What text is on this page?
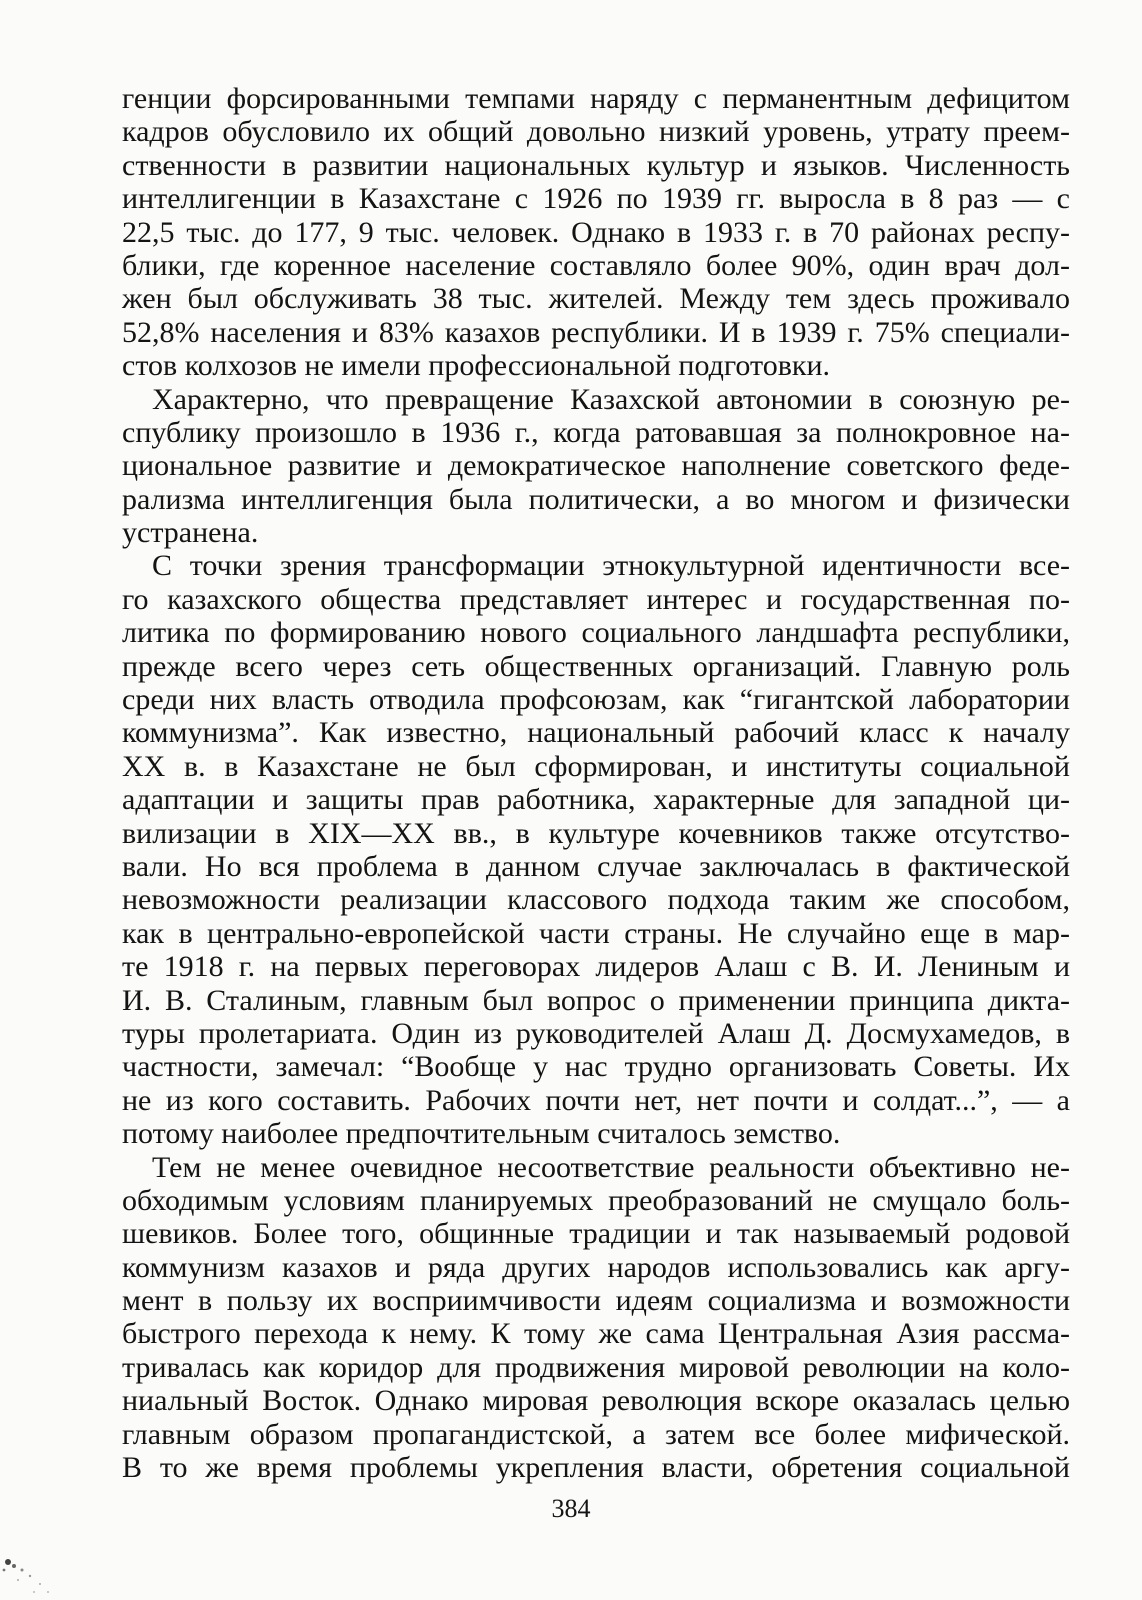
генции форсированными темпами наряду с перманентным дефицитом
кадров обусловило их общий довольно низкий уровень, утрату преем-
ственности в развитии национальных культур и языков. Численность
интеллигенции в Казахстане с 1926 по 1939 гг. выросла в 8 раз — с
22,5 тыс. до 177, 9 тыс. человек. Однако в 1933 г. в 70 районах респу-
блики, где коренное население составляло более 90%, один врач дол-
жен был обслуживать 38 тыс. жителей. Между тем здесь проживало
52,8% населения и 83% казахов республики. И в 1939 г. 75% специали-
стов колхозов не имели профессиональной подготовки.
Характерно, что превращение Казахской автономии в союзную ре-
спублику произошло в 1936 г., когда ратовавшая за полнокровное на-
циональное развитие и демократическое наполнение советского феде-
рализма интеллигенция была политически, а во многом и физически
устранена.
С точки зрения трансформации этнокультурной идентичности все-
го казахского общества представляет интерес и государственная по-
литика по формированию нового социального ландшафта республики,
прежде всего через сеть общественных организаций. Главную роль
среди них власть отводила профсоюзам, как “гигантской лаборатории
коммунизма”. Как известно, национальный рабочий класс к началу
XX в. в Казахстане не был сформирован, и институты социальной
адаптации и защиты прав работника, характерные для западной ци-
вилизации в XIX—XX вв., в культуре кочевников также отсутство-
вали. Но вся проблема в данном случае заключалась в фактической
невозможности реализации классового подхода таким же способом,
как в центрально-европейской части страны. Не случайно еще в мар-
те 1918 г. на первых переговорах лидеров Алаш с В. И. Лениным и
И. В. Сталиным, главным был вопрос о применении принципа дикта-
туры пролетариата. Один из руководителей Алаш Д. Досмухамедов, в
частности, замечал: “Вообще у нас трудно организовать Советы. Их
не из кого составить. Рабочих почти нет, нет почти и солдат...”, — а
потому наиболее предпочтительным считалось земство.
Тем не менее очевидное несоответствие реальности объективно не-
обходимым условиям планируемых преобразований не смущало боль-
шевиков. Более того, общинные традиции и так называемый родовой
коммунизм казахов и ряда других народов использовались как аргу-
мент в пользу их восприимчивости идеям социализма и возможности
быстрого перехода к нему. К тому же сама Центральная Азия рассма-
тривалась как коридор для продвижения мировой революции на коло-
ниальный Восток. Однако мировая революция вскоре оказалась целью
главным образом пропагандистской, а затем все более мифической.
В то же время проблемы укрепления власти, обретения социальной
384
